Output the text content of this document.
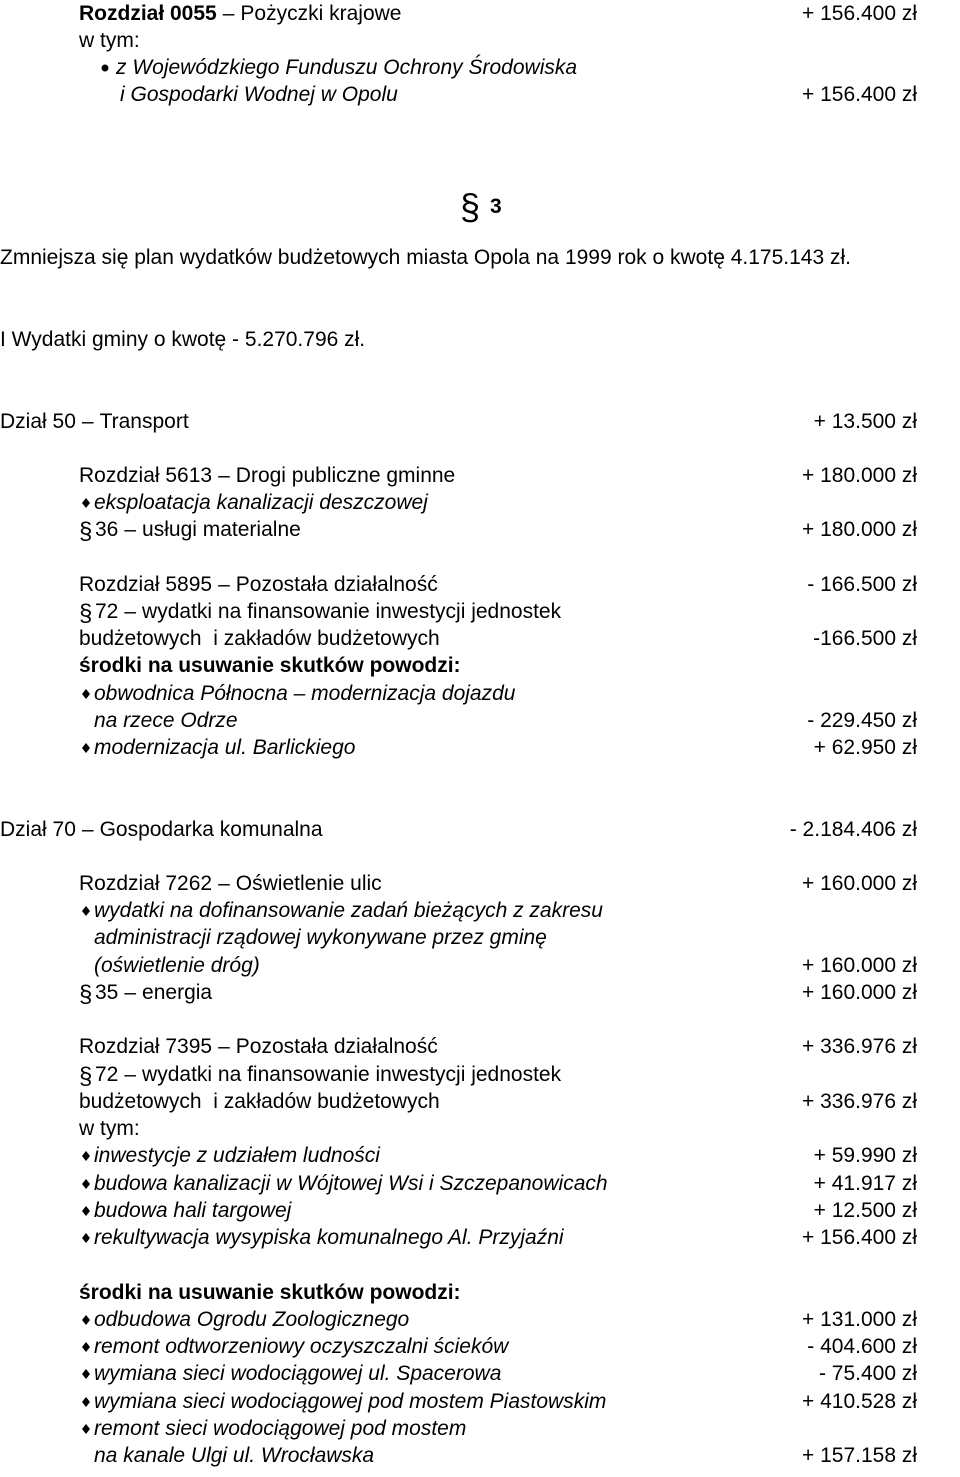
Rozdział 0055 – Pożyczki krajowe	+ 156.400 zł
w tym:
z Wojewódzkiego Funduszu Ochrony Środowiska
i Gospodarki Wodnej w Opolu	+ 156.400 zł
§ 3
Zmniejsza się plan wydatków budżetowych miasta Opola na 1999 rok o kwotę 4.175.143 zł.
I Wydatki gminy o kwotę - 5.270.796 zł.
Dział 50 – Transport	+ 13.500 zł
Rozdział 5613 – Drogi publiczne gminne	+ 180.000 zł
eksploatacja kanalizacji deszczowej
§ 36 – usługi materialne	+ 180.000 zł
Rozdział 5895 – Pozostała działalność	- 166.500 zł
§ 72 – wydatki na finansowanie inwestycji jednostek
budżetowych  i zakładów budżetowych	-166.500 zł
środki na usuwanie skutków powodzi:
obwodnica Północna – modernizacja dojazdu
na rzece Odrze	- 229.450 zł
modernizacja ul. Barlickiego	+ 62.950 zł
Dział 70 – Gospodarka komunalna	- 2.184.406 zł
Rozdział 7262 – Oświetlenie ulic	+ 160.000 zł
wydatki na dofinansowanie zadań bieżących z zakresu
administracji rządowej wykonywane przez gminę
(oświetlenie dróg)	+ 160.000 zł
§ 35 – energia	+ 160.000 zł
Rozdział 7395 – Pozostała działalność	+ 336.976 zł
§ 72 – wydatki na finansowanie inwestycji jednostek
budżetowych  i zakładów budżetowych	+ 336.976 zł
w tym:
inwestycje z udziałem ludności	+ 59.990 zł
budowa kanalizacji w Wójtowej Wsi i Szczepanowicach	+ 41.917 zł
budowa hali targowej	+ 12.500 zł
rekultywacja wysypiska komunalnego Al. Przyjaźni	+ 156.400 zł
środki na usuwanie skutków powodzi:
odbudowa Ogrodu Zoologicznego	+ 131.000 zł
remont odtworzeniowy oczyszczalni ścieków	- 404.600 zł
wymiana sieci wodociągowej ul. Spacerowa	- 75.400 zł
wymiana sieci wodociągowej pod mostem Piastowskim	+ 410.528 zł
remont sieci wodociągowej pod mostem
na kanale Ulgi ul. Wrocławska	+ 157.158 zł
